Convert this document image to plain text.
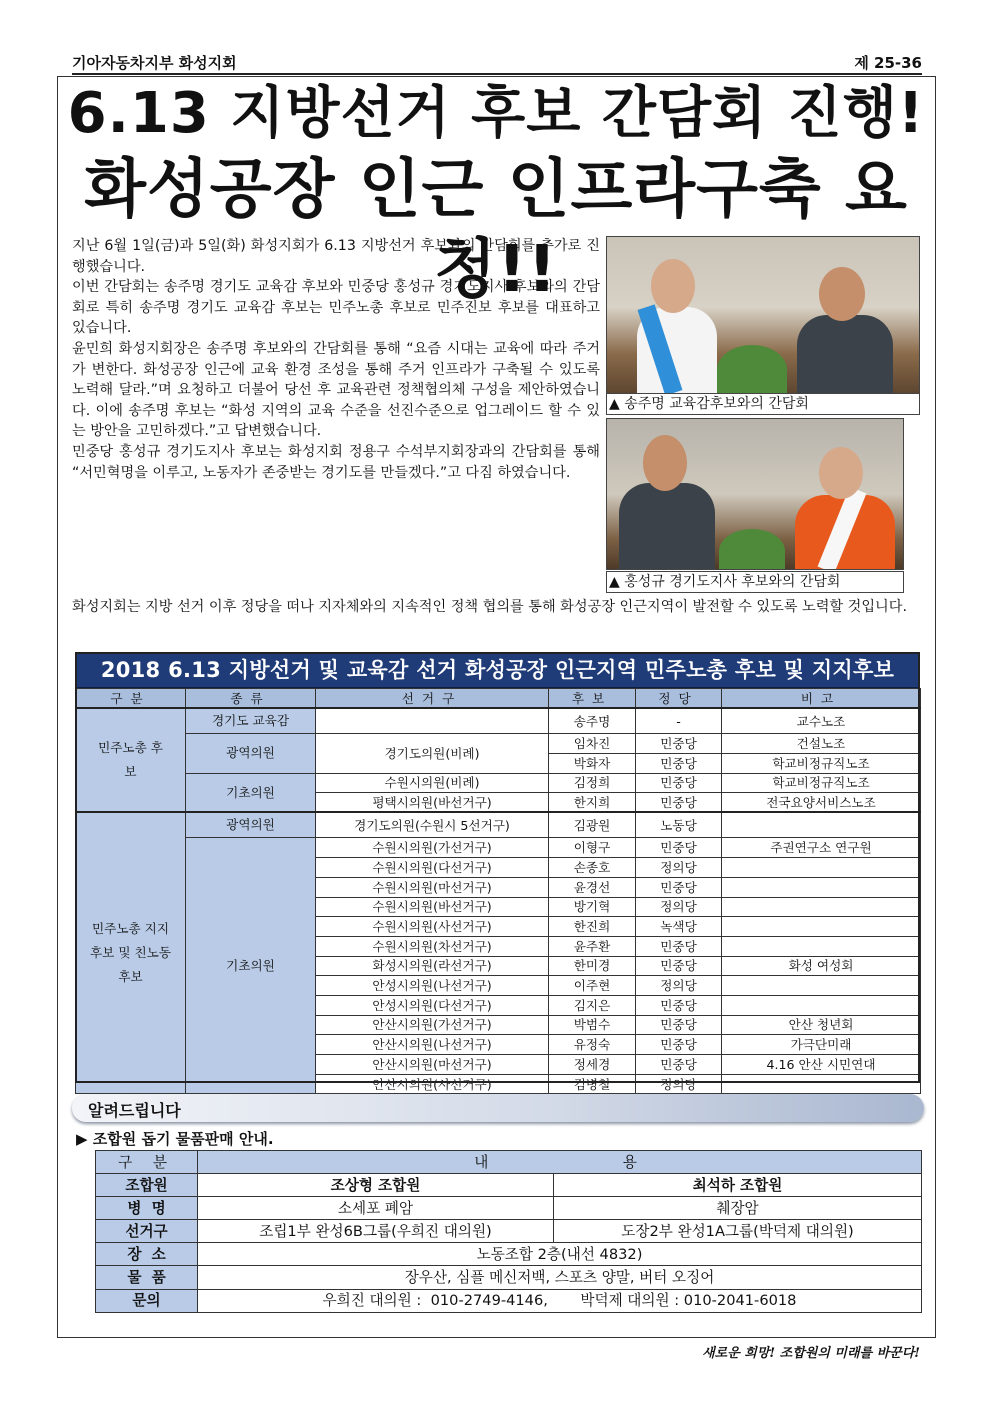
기아자동차지부 화성지회	제 25-36
6.13 지방선거 후보 간담회 진행!
화성공장 인근 인프라구축 요청!!

지난 6월 1일(금)과 5일(화) 화성지회가 6.13 지방선거 후보와의 간담회를 추가로 진행했습니다.

이번 간담회는 송주명 경기도 교육감 후보와 민중당 홍성규 경기도지사 후보와의 간담회로 특히 송주명 경기도 교육감 후보는 민주노총 후보로 민주진보 후보를 대표하고 있습니다.

윤민희 화성지회장은 송주명 후보와의 간담회를 통해 “요즘 시대는 교육에 따라 주거가 변한다. 화성공장 인근에 교육 환경 조성을 통해 주거 인프라가 구축될 수 있도록 노력해 달라.”며 요청하고 더불어 당선 후 교육관련 정책협의체 구성을 제안하였습니다. 이에 송주명 후보는 “화성 지역의 교육 수준을 선진수준으로 업그레이드 할 수 있는 방안을 고민하겠다.”고 답변했습니다.

민중당 홍성규 경기도지사 후보는 화성지회 정용구 수석부지회장과의 간담회를 통해 “서민혁명을 이루고, 노동자가 존중받는 경기도를 만들겠다.”고 다짐 하였습니다.

화성지회는 지방 선거 이후 정당을 떠나 지자체와의 지속적인 정책 협의를 통해 화성공장 인근지역이 발전할 수 있도록 노력할 것입니다.
▲ 송주명 교육감후보와의 간담회
▲ 홍성규 경기도지사 후보와의 간담회
2018 6.13 지방선거 및 교육감 선거 화성공장 인근지역 민주노총 후보 및 지지후보
구분	종류	선거구	후보	정당	비고
민주노총 후보	경기도 교육감		송주명	-	교수노조
	광역의원	경기도의원(비례)	임차진	민중당	건설노조
			박화자	민중당	학교비정규직노조
	기초의원	수원시의원(비례)	김정희	민중당	학교비정규직노조
		평택시의원(바선거구)	한지희	민중당	전국요양서비스노조
민주노총 지지후보 및 친노동후보	광역의원	경기도의원(수원시 5선거구)	김광원	노동당	
	기초의원	수원시의원(가선거구)	이형구	민중당	주권연구소 연구원
		수원시의원(다선거구)	손종호	정의당	
		수원시의원(마선거구)	윤경선	민중당	
		수원시의원(바선거구)	방기혁	정의당	
		수원시의원(사선거구)	한진희	녹색당	
		수원시의원(차선거구)	윤주환	민중당	
		화성시의원(라선거구)	한미경	민중당	화성 여성회
		안성시의원(나선거구)	이주현	정의당	
		안성시의원(다선거구)	김지은	민중당	
		안산시의원(가선거구)	박범수	민중당	안산 청년회
		안산시의원(나선거구)	유정숙	민중당	가극단미래
		안산시의원(마선거구)	정세경	민중당	4.16 안산 시민연대
		안산시의원(사선거구)	김병철	정의당	
알려드립니다
▶ 조합원 돕기 물품판매 안내.
구 분	내          용	
조합원	조상형 조합원	최석하 조합원
병  명	소세포 폐암	췌장암
선거구	조립1부 완성6B그룹(우희진 대의원)	도장2부 완성1A그룹(박덕제 대의원)
장  소	노동조합 2층(내선 4832)	
물  품	장우산, 심플 메신저백, 스포츠 양말, 버터 오징어	
문의	우희진 대의원 :  010-2749-4146,       박덕제 대의원 : 010-2041-6018	
새로운 희망! 조합원의 미래를 바꾼다!
